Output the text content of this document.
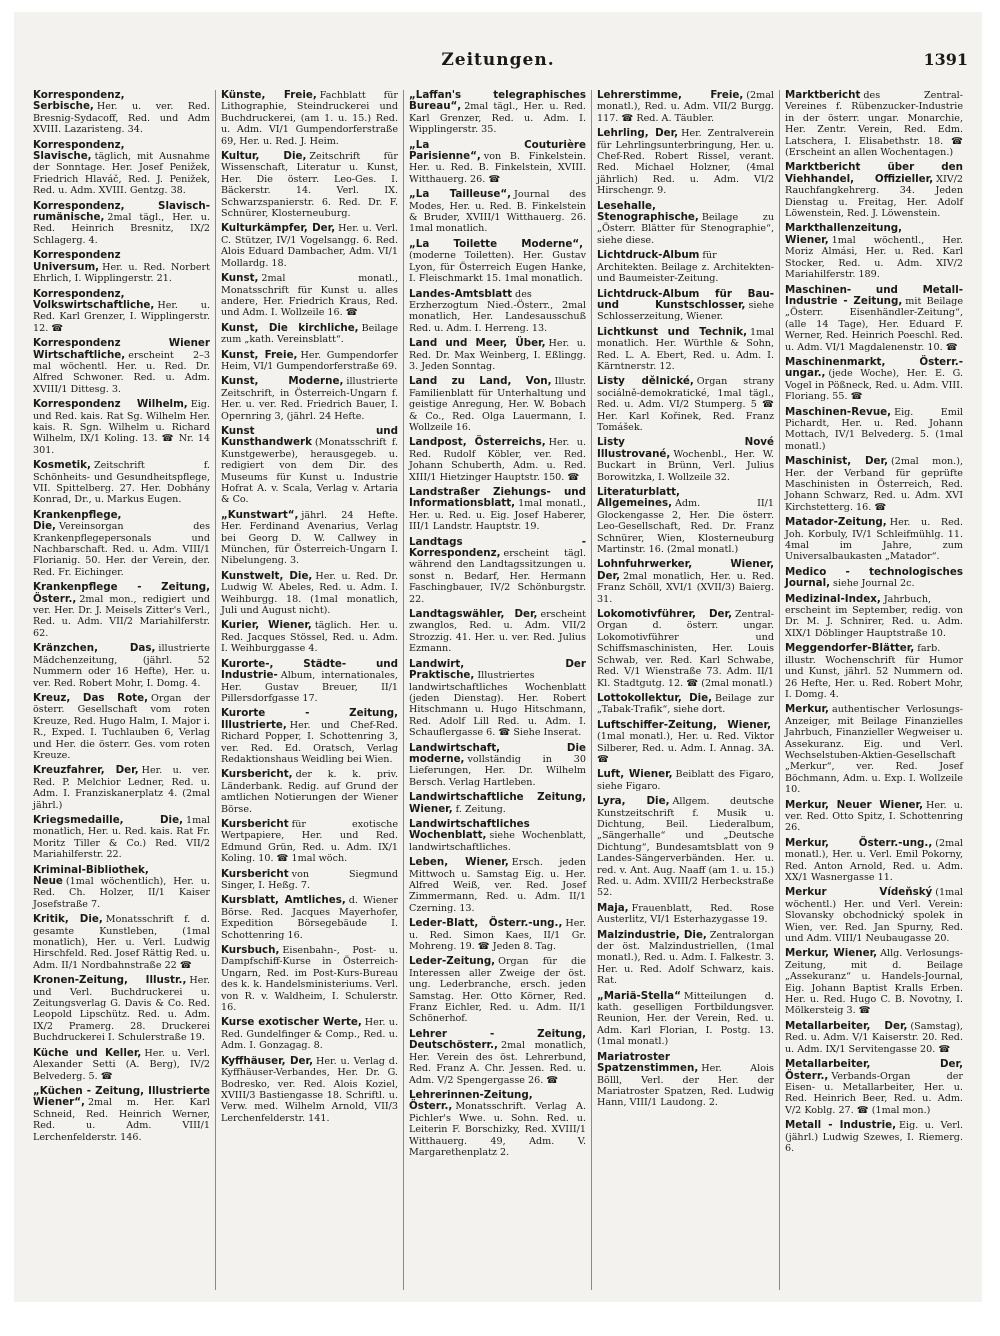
Zeitungen.	1391

Korrespondenz, Serbische, Her. u. ver. Red. Bresnig-Sydacoff, Red. und Adm XVIII. Lazaristeng. 34.

Korrespondenz, Slavische, täglich, mit Ausnahme der Sonntage. Her. Josef Penižek, Friedrich Hlaváč, Red. J. Penižek, Red. u. Adm. XVIII. Gentzg. 38.

Korrespondenz, Slavisch-rumänische, 2mal tägl., Her. u. Red. Heinrich Bresnitz, IX/2 Schlagerg. 4.

Korrespondenz Universum, Her. u. Red. Norbert Ehrlich, I. Wipplingerstr. 21.

Korrespondenz, Volkswirtschaftliche, Her. u. Red. Karl Grenzer, I. Wipplingerstr. 12. ☎

Korrespondenz Wiener Wirtschaftliche, erscheint 2–3 mal wöchentl. Her. u. Red. Dr. Alfred Schwoner. Red. u. Adm. XVIII/1 Dittesg. 3.

Korrespondenz Wilhelm, Eig. und Red. kais. Rat Sg. Wilhelm Her. kais. R. Sgn. Wilhelm u. Richard Wilhelm, IX/1 Koling. 13. ☎ Nr. 14 301.

Kosmetik, Zeitschrift f. Schönheits- und Gesundheitspflege, VII. Spittelberg. 27. Her. Dobhány Konrad, Dr., u. Markus Eugen.

Krankenpflege, Die, Vereinsorgan des Krankenpflegepersonals und Nachbarschaft. Red. u. Adm. VIII/1 Florianig. 50. Her. der Verein, der. Red. Fr. Eichinger.

Krankenpflege - Zeitung, Österr., 2mal mon., redigiert und ver. Her. Dr. J. Meisels Zitter's Verl., Red. u. Adm. VII/2 Mariahilferstr. 62.

Kränzchen, Das, illustrierte Mädchenzeitung, (jährl. 52 Nummern oder 16 Hefte), Her. u. ver. Red. Robert Mohr, I. Domg. 4.

Kreuz, Das Rote, Organ der österr. Gesellschaft vom roten Kreuze, Red. Hugo Halm, I. Major i. R., Exped. I. Tuchlauben 6, Verlag und Her. die österr. Ges. vom roten Kreuze.

Kreuzfahrer, Der, Her. u. ver. Red. P. Melchior Ledner, Red. u. Adm. I. Franziskanerplatz 4. (2mal jährl.)

Kriegsmedaille, Die, 1mal monatlich, Her. u. Red. kais. Rat Fr. Moritz Tiller & Co.) Red. VII/2 Mariahilferstr. 22.

Kriminal-Bibliothek, Neue (1mal wöchentlich), Her. u. Red. Ch. Holzer, II/1 Kaiser Josefstraße 7.

Kritik, Die, Monatsschrift f. d. gesamte Kunstleben, (1mal monatlich), Her. u. Verl. Ludwig Hirschfeld. Red. Josef Rättig Red. u. Adm. II/1 Nordbahnstraße 22 ☎

Kronen-Zeitung, Illustr., Her. und Verl. Buchdruckerei u. Zeitungsverlag G. Davis & Co. Red. Leopold Lipschütz. Red. u. Adm. IX/2 Pramerg. 28. Druckerei Buchdruckerei I. Schulerstraße 19.

Küche und Keller, Her. u. Verl. Alexander Setti (A. Berg), IV/2 Belvederg. 5. ☎

„Küchen - Zeitung, Illustrierte Wiener“, 2mal m. Her. Karl Schneid, Red. Heinrich Werner, Red. u. Adm. VIII/1 Lerchenfelderstr. 146.

Künste, Freie, Fachblatt für Lithographie, Steindruckerei und Buchdruckerei, (am 1. u. 15.) Red. u. Adm. VI/1 Gumpendorferstraße 69, Her. u. Red. J. Heim.

Kultur, Die, Zeitschrift für Wissenschaft, Literatur u. Kunst, Her. Die österr. Leo-Ges. I. Bäckerstr. 14. Verl. IX. Schwarzspanierstr. 6. Red. Dr. F. Schnürer, Klosterneuburg.

Kulturkämpfer, Der, Her. u. Verl. C. Stützer, IV/1 Vogelsangg. 6. Red. Alois Eduard Dambacher, Adm. VI/1 Mollardg. 18.

Kunst, 2mal monatl., Monatsschrift für Kunst u. alles andere, Her. Friedrich Kraus, Red. und Adm. I. Wollzeile 16. ☎

Kunst, Die kirchliche, Beilage zum „kath. Vereinsblatt“.

Kunst, Freie, Her. Gumpendorfer Heim, VI/1 Gumpendorferstraße 69.

Kunst, Moderne, illustrierte Zeitschrift, in Österreich-Ungarn f. Her. u. ver. Red. Friedrich Bauer, I. Opernring 3, (jährl. 24 Hefte.

Kunst und Kunsthandwerk (Monatsschrift f. Kunstgewerbe), herausgegeb. u. redigiert von dem Dir. des Museums für Kunst u. Industrie Hofrat A. v. Scala, Verlag v. Artaria & Co.

„Kunstwart“, jährl. 24 Hefte. Her. Ferdinand Avenarius, Verlag bei Georg D. W. Callwey in München, für Österreich-Ungarn I. Nibelungeng. 3.

Kunstwelt, Die, Her. u. Red. Dr. Ludwig W. Abeles, Red. u. Adm. I. Weihburgg. 18. (1mal monatlich, Juli und August nicht).

Kurier, Wiener, täglich. Her. u. Red. Jacques Stössel, Red. u. Adm. I. Weihburggasse 4.

Kurorte-, Städte- und Industrie- Album, internationales, Her. Gustav Breuer, II/1 Pillersdorfgasse 17.

Kurorte - Zeitung, Illustrierte, Her. und Chef-Red. Richard Popper, I. Schottenring 3, ver. Red. Ed. Oratsch, Verlag Redaktionshaus Weidling bei Wien.

Kursbericht, der k. k. priv. Länderbank. Redig. auf Grund der amtlichen Notierungen der Wiener Börse.

Kursbericht für exotische Wertpapiere, Her. und Red. Edmund Grün, Red. u. Adm. IX/1 Koling. 10. ☎ 1mal wöch.

Kursbericht von Siegmund Singer, I. Heßg. 7.

Kursblatt, Amtliches, d. Wiener Börse. Red. Jacques Mayerhofer, Expedition Börsegebäude I. Schottenring 16.

Kursbuch, Eisenbahn-, Post- u. Dampfschiff-Kurse in Österreich-Ungarn, Red. im Post-Kurs-Bureau des k. k. Handelsministeriums. Verl. von R. v. Waldheim, I. Schulerstr. 16.

Kurse exotischer Werte, Her. u. Red. Gundelfinger & Comp., Red. u. Adm. I. Gonzagag. 8.

Kyffhäuser, Der, Her. u. Verlag d. Kyffhäuser-Verbandes, Her. Dr. G. Bodresko, ver. Red. Alois Koziel, XVIII/3 Bastiengasse 18. Schriftl. u. Verw. med. Wilhelm Arnold, VII/3 Lerchenfelderstr. 141.

„Laffan's telegraphisches Bureau“, 2mal tägl., Her. u. Red. Karl Grenzer, Red. u. Adm. I. Wipplingerstr. 35.

„La Couturière Parisienne“, von B. Finkelstein. Her. u. Red. B. Finkelstein, XVIII. Witthauerg. 26. ☎

„La Tailleuse“, Journal des Modes, Her. u. Red. B. Finkelstein & Bruder, XVIII/1 Witthauerg. 26. 1mal monatlich.

„La Toilette Moderne“,(moderne Toiletten). Her. Gustav Lyon, für Österreich Eugen Hanke, I. Fleischmarkt 15. 1mal monatlich.

Landes-Amtsblatt des Erzherzogtum Nied.-Österr., 2mal monatlich, Her. Landesausschuß Red. u. Adm. I. Herreng. 13.

Land und Meer, Über, Her. u. Red. Dr. Max Weinberg, I. Eßlingg. 3. Jeden Sonntag.

Land zu Land, Von, Illustr. Familienblatt für Unterhaltung und geistige Anregung, Her. W. Bobach & Co., Red. Olga Lauermann, I. Wollzeile 16.

Landpost, Österreichs, Her. u. Red. Rudolf Köbler, ver. Red. Johann Schuberth, Adm. u. Red. XIII/1 Hietzinger Hauptstr. 150. ☎

Landstraßer Ziehungs- und Informationsblatt, 1mal monatl., Her. u. Red. u. Eig. Josef Haberer, III/1 Landstr. Hauptstr. 19.

Landtags - Korrespondenz, erscheint tägl. während den Landtagssitzungen u. sonst n. Bedarf, Her. Hermann Faschingbauer, IV/2 Schönburgstr. 22.

Landtagswähler, Der, erscheint zwanglos, Red. u. Adm. VII/2 Strozzig. 41. Her. u. ver. Red. Julius Ezmann.

Landwirt, Der Praktische, Illustriertes landwirtschaftliches Wochenblatt (jeden Dienstag). Her. Robert Hitschmann u. Hugo Hitschmann, Red. Adolf Lill Red. u. Adm. I. Schauflergasse 6. ☎ Siehe Inserat.

Landwirtschaft, Die moderne, vollständig in 30 Lieferungen, Her. Dr. Wilhelm Bersch. Verlag Hartleben.

Landwirtschaftliche Zeitung, Wiener, f. Zeitung.

Landwirtschaftliches Wochenblatt, siehe Wochenblatt, landwirtschaftliches.

Leben, Wiener, Ersch. jeden Mittwoch u. Samstag Eig. u. Her. Alfred Weiß, ver. Red. Josef Zimmermann, Red. u. Adm. II/1 Czerning. 13.

Leder-Blatt, Österr.-ung., Her. u. Red. Simon Kaes, II/1 Gr. Mohreng. 19. ☎ Jeden 8. Tag.

Leder-Zeitung, Organ für die Interessen aller Zweige der öst. ung. Lederbranche, ersch. jeden Samstag. Her. Otto Körner, Red. Franz Eichler, Red. u. Adm. II/1 Schönerhof.

Lehrer - Zeitung, Deutschösterr., 2mal monatlich, Her. Verein des öst. Lehrerbund, Red. Franz A. Chr. Jessen. Red. u. Adm. V/2 Spengergasse 26. ☎

Lehrerinnen-Zeitung, Österr., Monatsschrift. Verlag A. Pichler's Wwe. u. Sohn. Red. u. Leiterin F. Borschizky, Red. XVIII/1 Witthauerg. 49, Adm. V. Margarethenplatz 2.

Lehrerstimme, Freie, (2mal monatl.), Red. u. Adm. VII/2 Burgg. 117. ☎ Red. A. Täubler.

Lehrling, Der, Her. Zentralverein für Lehrlingsunterbringung, Her. u. Chef-Red. Robert Rissel, verant. Red. Michael Holzner, (4mal jährlich) Red. u. Adm. VI/2 Hirschengr. 9.

Lesehalle, Stenographische, Beilage zu „Österr. Blätter für Stenographie“, siehe diese.

Lichtdruck-Album für Architekten. Beilage z. Architekten- und Baumeister-Zeitung.

Lichtdruck-Album für Bau- und Kunstschlosser, siehe Schlosserzeitung, Wiener.

Lichtkunst und Technik, 1mal monatlich. Her. Würthle & Sohn, Red. L. A. Ebert, Red. u. Adm. I. Kärntnerstr. 12.

Listy dělnické, Organ strany sociálně-demokratické, 1mal tägl., Red. u. Adm. VI/2 Stumperg. 5 ☎ Her. Karl Kořinek, Red. Franz Tomášek.

Listy Nové Illustrované, Wochenbl., Her. W. Buckart in Brünn, Verl. Julius Borowitzka, I. Wollzeile 32.

Literaturblatt, Allgemeines, Adm. II/1 Glockengasse 2, Her. Die österr. Leo-Gesellschaft, Red. Dr. Franz Schnürer, Wien, Klosterneuburg Martinstr. 16. (2mal monatl.)

Lohnfuhrwerker, Wiener, Der, 2mal monatlich, Her. u. Red. Franz Schöll, XVI/1 (XVII/3) Baierg. 31.

Lokomotivführer, Der, Zentral-Organ d. österr. ungar. Lokomotivführer und Schiffsmaschinisten, Her. Louis Schwab, ver. Red. Karl Schwabe, Red. V/1 Wienstraße 73. Adm. II/1 Kl. Stadtgutg. 12. ☎ (2mal monatl.)

Lottokollektur, Die, Beilage zur „Tabak-Trafik“, siehe dort.

Luftschiffer-Zeitung, Wiener,(1mal monatl.), Her. u. Red. Viktor Silberer, Red. u. Adm. I. Annag. 3A. ☎

Luft, Wiener, Beiblatt des Figaro, siehe Figaro.

Lyra, Die, Allgem. deutsche Kunstzeitschrift f. Musik u. Dichtung, Beil. Liederalbum, „Sängerhalle“ und „Deutsche Dichtung“, Bundesamtsblatt von 9 Landes-Sängerverbänden. Her. u. red. v. Ant. Aug. Naaff (am 1. u. 15.) Red. u. Adm. XVIII/2 Herbeckstraße 52.

Maja, Frauenblatt, Red. Rose Austerlitz, VI/1 Esterhazygasse 19.

Malzindustrie, Die, Zentralorgan der öst. Malzindustriellen, (1mal monatl.), Red. u. Adm. I. Falkestr. 3. Her. u. Red. Adolf Schwarz, kais. Rat.

„Mariä-Stella“ Mitteilungen d. kath. geselligen Fortbildungsver. Reunion, Her. der Verein, Red. u. Adm. Karl Florian, I. Postg. 13. (1mal monatl.)

Mariatroster Spatzenstimmen, Her. Alois Bölll, Verl. der Her. der Mariatroster Spatzen, Red. Ludwig Hann, VIII/1 Laudong. 2.

Marktbericht des Zentral-Vereines f. Rübenzucker-Industrie in der österr. ungar. Monarchie, Her. Zentr. Verein, Red. Edm. Latschera, I. Elisabethstr. 18. ☎ (Erscheint an allen Wochentagen.)

Marktbericht über den Viehhandel, Offizieller, XIV/2 Rauchfangkehrerg. 34. Jeden Dienstag u. Freitag, Her. Adolf Löwenstein, Red. J. Löwenstein.

Markthallenzeitung, Wiener, 1mal wöchentl., Her. Moriz Almási, Her. u. Red. Karl Stocker, Red. u. Adm. XIV/2 Mariahilferstr. 189.

Maschinen- und Metall-Industrie - Zeitung, mit Beilage „Österr. Eisenhändler-Zeitung“, (alle 14 Tage), Her. Eduard F. Werner, Red. Heinrich Poeschl. Red. u. Adm. VI/1 Magdalenenstr. 10. ☎

Maschinenmarkt, Österr.-ungar., (jede Woche), Her. E. G. Vogel in Pößneck, Red. u. Adm. VIII. Floriang. 55. ☎

Maschinen-Revue, Eig. Emil Pichardt, Her. u. Red. Johann Mottach, IV/1 Belvederg. 5. (1mal monatl.)

Maschinist, Der, (2mal mon.), Her. der Verband für geprüfte Maschinisten in Österreich, Red. Johann Schwarz, Red. u. Adm. XVI Kirchstetterg. 16. ☎

Matador-Zeitung, Her. u. Red. Joh. Korbuly, IV/1 Schleifmühlg. 11. 4mal im Jahre, zum Universalbaukasten „Matador“.

Medico - technologisches Journal, siehe Journal 2c.

Medizinal-Index, Jahrbuch, erscheint im September, redig. von Dr. M. J. Schnirer, Red. u. Adm. XIX/1 Döblinger Hauptstraße 10.

Meggendorfer-Blätter, farb. illustr. Wochenschrift für Humor und Kunst, jährl. 52 Nummern od. 26 Hefte, Her. u. Red. Robert Mohr, I. Domg. 4.

Merkur, authentischer Verlosungs-Anzeiger, mit Beilage Finanzielles Jahrbuch, Finanzieller Wegweiser u. Assekuranz. Eig. und Verl. Wechselstuben-Aktien-Gesellschaft „Merkur“, ver. Red. Josef Böchmann, Adm. u. Exp. I. Wollzeile 10.

Merkur, Neuer Wiener, Her. u. ver. Red. Otto Spitz, I. Schottenring 26.

Merkur, Österr.-ung., (2mal monatl.), Her. u. Verl. Emil Pokorny, Red. Anton Arnold, Red. u. Adm. XX/1 Wasnergasse 11.

Merkur Vídeňský (1mal wöchentl.) Her. und Verl. Verein: Slovansky obchodnický spolek in Wien, ver. Red. Jan Spurny, Red. und Adm. VIII/1 Neubaugasse 20.

Merkur, Wiener, Allg. Verlosungs-Zeitung, mit d. Beilage „Assekuranz“ u. Handels-Journal, Eig. Johann Baptist Kralls Erben. Her. u. Red. Hugo C. B. Novotny, I. Mölkersteig 3. ☎

Metallarbeiter, Der, (Samstag), Red. u. Adm. V/1 Kaiserstr. 20. Red. u. Adm. IX/1 Servitengasse 20. ☎

Metallarbeiter, Der, Österr., Verbands-Organ der Eisen- u. Metallarbeiter, Her. u. Red. Heinrich Beer, Red. u. Adm. V/2 Koblg. 27. ☎ (1mal mon.)

Metall - Industrie, Eig. u. Verl. (jährl.) Ludwig Szewes, I. Riemerg. 6.
